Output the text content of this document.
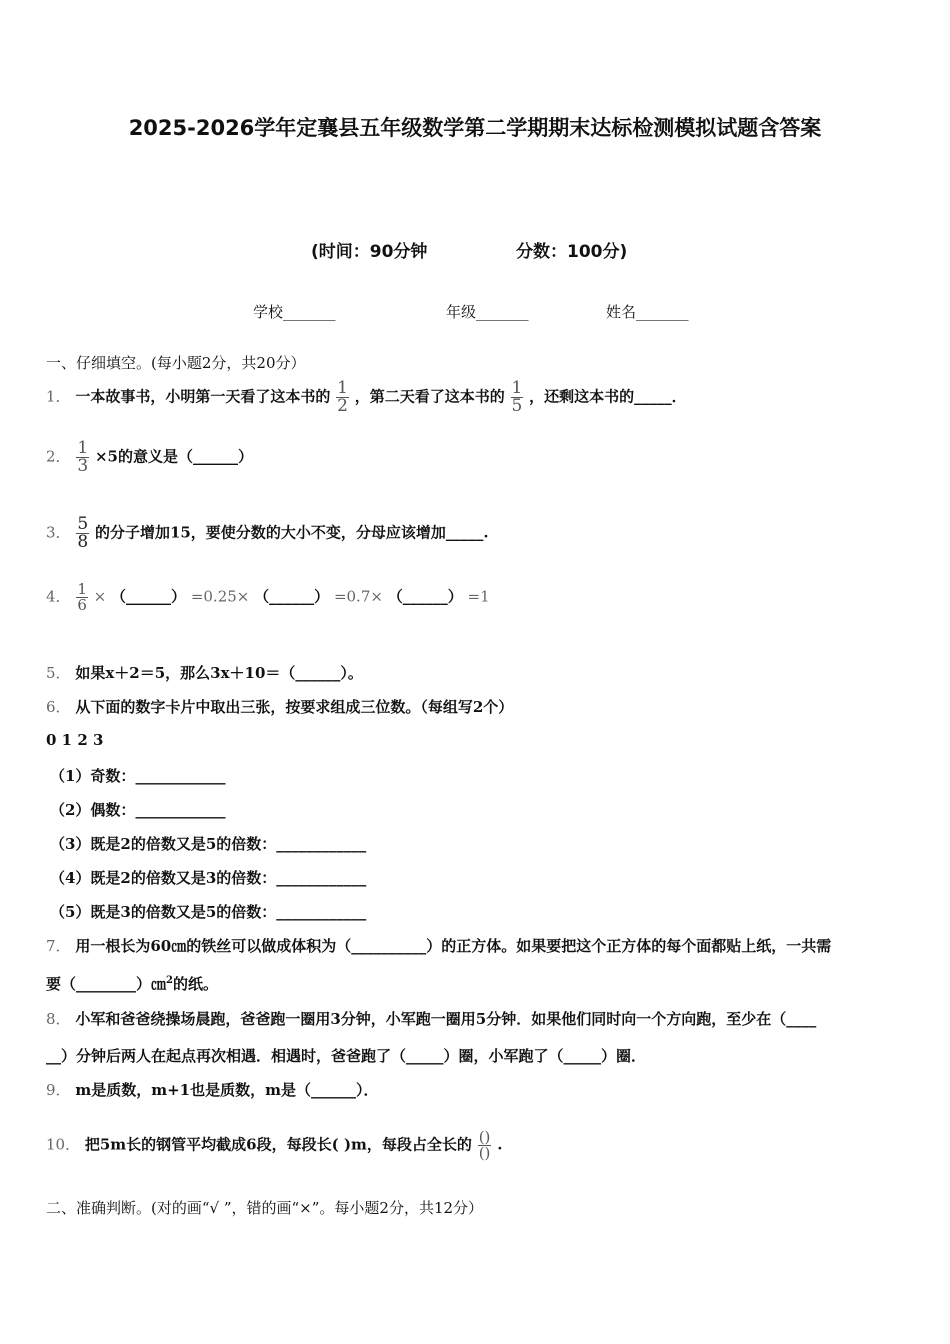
2025-2026学年定襄县五年级数学第二学期期末达标检测模拟试题含答案
(时间：90分钟	分数：100分)
学校_______	年级_______	姓名_______
一、仔细填空。(每小题2分，共20分）
1． 一本故事书，小明第一天看了这本书的 $\frac{1}{2}$ ，第二天看了这本书的 $\frac{1}{5}$ ，还剩这本书的_____．
2． $\frac{1}{3} \times 5$的意义是（______）
3． $\frac{5}{8}$ 的分子增加15，要使分数的大小不变，分母应该增加_____.
4． $\frac{1}{6}$ × （______） =0.25× （______） =0.7× （______） =1
5． 如果x＋2＝5，那么3x＋10＝（______）。
6． 从下面的数字卡片中取出三张，按要求组成三位数。（每组写2个）
0 1 2 3
（1）奇数：____________
（2）偶数：____________
（3）既是2的倍数又是5的倍数：____________
（4）既是2的倍数又是3的倍数：____________
（5）既是3的倍数又是5的倍数：____________
7． 用一根长为60㎝的铁丝可以做成体积为（__________）的正方体。如果要把这个正方体的每个面都贴上纸，一共需
要（________）㎝$^2$的纸。
8． 小军和爸爸绕操场晨跑，爸爸跑一圈用3分钟，小军跑一圈用5分钟．如果他们同时向一个方向跑，至少在（____
__）分钟后两人在起点再次相遇．相遇时，爸爸跑了（_____）圈，小军跑了（_____）圈．
9． m是质数，m+1也是质数，m是（______）．
10． 把5m长的钢管平均截成6段，每段长( )m，每段占全长的 $\frac{()}{()}$ .
二、准确判断。(对的画“√ ”，错的画“×”。每小题2分，共12分）
